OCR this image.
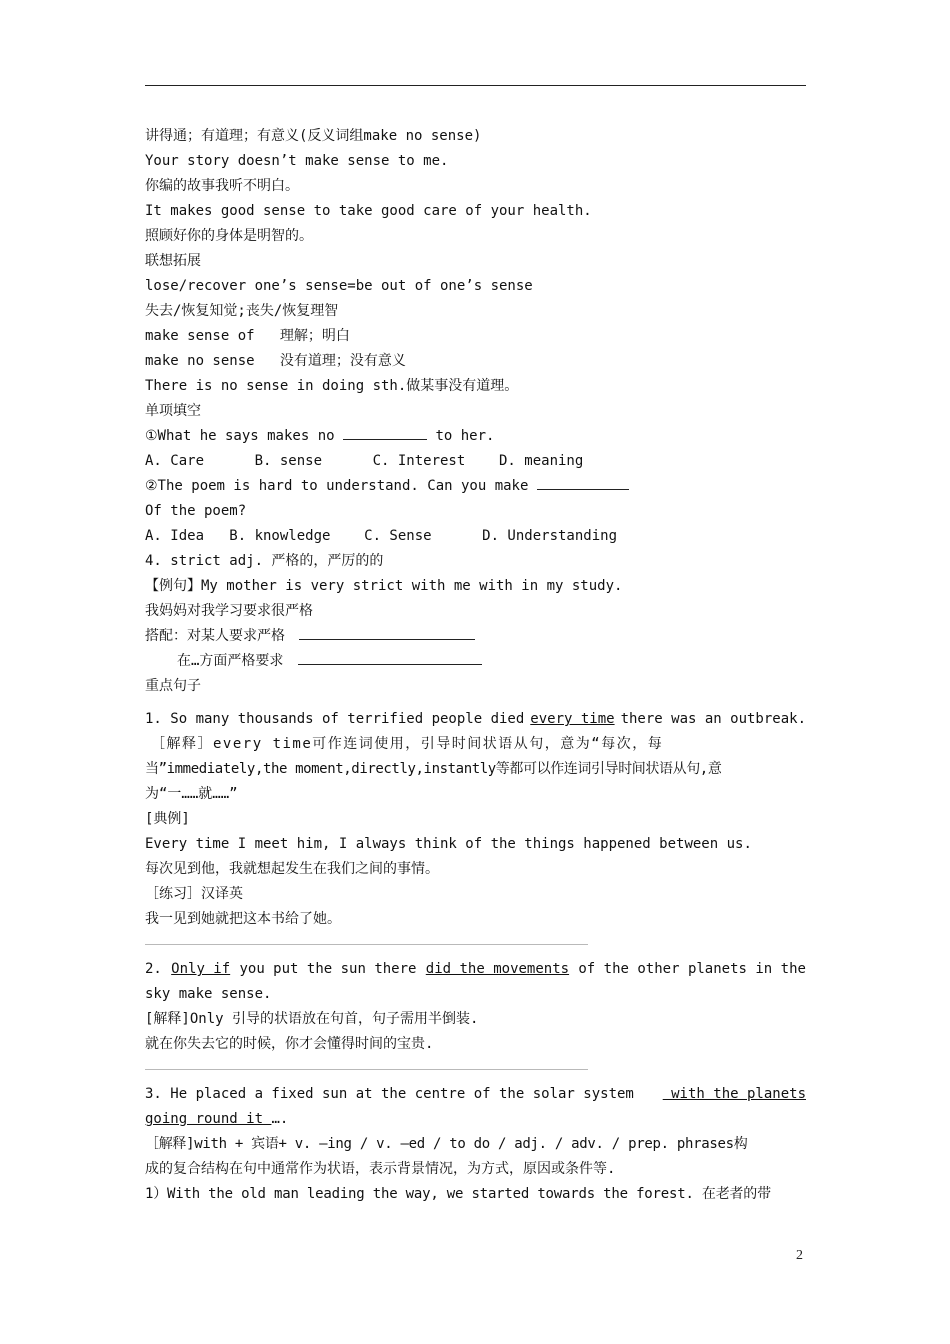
讲得通；有道理；有意义(反义词组make no sense)
Your story doesn’t make sense to me.
你编的故事我听不明白。
It makes good sense to take good care of your health.
照顾好你的身体是明智的。
联想拓展
lose/recover one’s sense=be out of one’s sense
失去/恢复知觉;丧失/恢复理智
make sense of   理解；明白
make no sense   没有道理；没有意义
There is no sense in doing sth.做某事没有道理。
单项填空
①What he says makes no	to her.
A. Care      B. sense      C. Interest    D. meaning
②The poem is hard to understand. Can you make
Of the poem?
A. Idea   B. knowledge    C. Sense      D. Understanding
4. strict adj. 严格的，严厉的的
【例句】My mother is very strict with me with in my study.
我妈妈对我学习要求很严格
搭配：对某人要求严格
在…方面严格要求
重点句子
1. So many thousands of terrified people died every time there was an outbreak.
［解释］every time可作连词使用，引导时间状语从句，意为“每次，每
当”immediately,the moment,directly,instantly等都可以作连词引导时间状语从句,意
为“一……就……”
[典例]
Every time I meet him, I always think of the things happened between us.
每次见到他，我就想起发生在我们之间的事情。
［练习］汉译英
我一见到她就把这本书给了她。
2. Only if you put the sun there did the movements of the other planets in the
sky make sense.
[解释]Only 引导的状语放在句首，句子需用半倒装.
就在你失去它的时候，你才会懂得时间的宝贵.
3. He placed a fixed sun at the centre of the solar system with the planets
going round it ….
［解释]with + 宾语+ v. –ing / v. –ed / to do / adj. / adv. / prep. phrases构
成的复合结构在句中通常作为状语，表示背景情况，为方式，原因或条件等.
1）With the old man leading the way, we started towards the forest. 在老者的带
2
